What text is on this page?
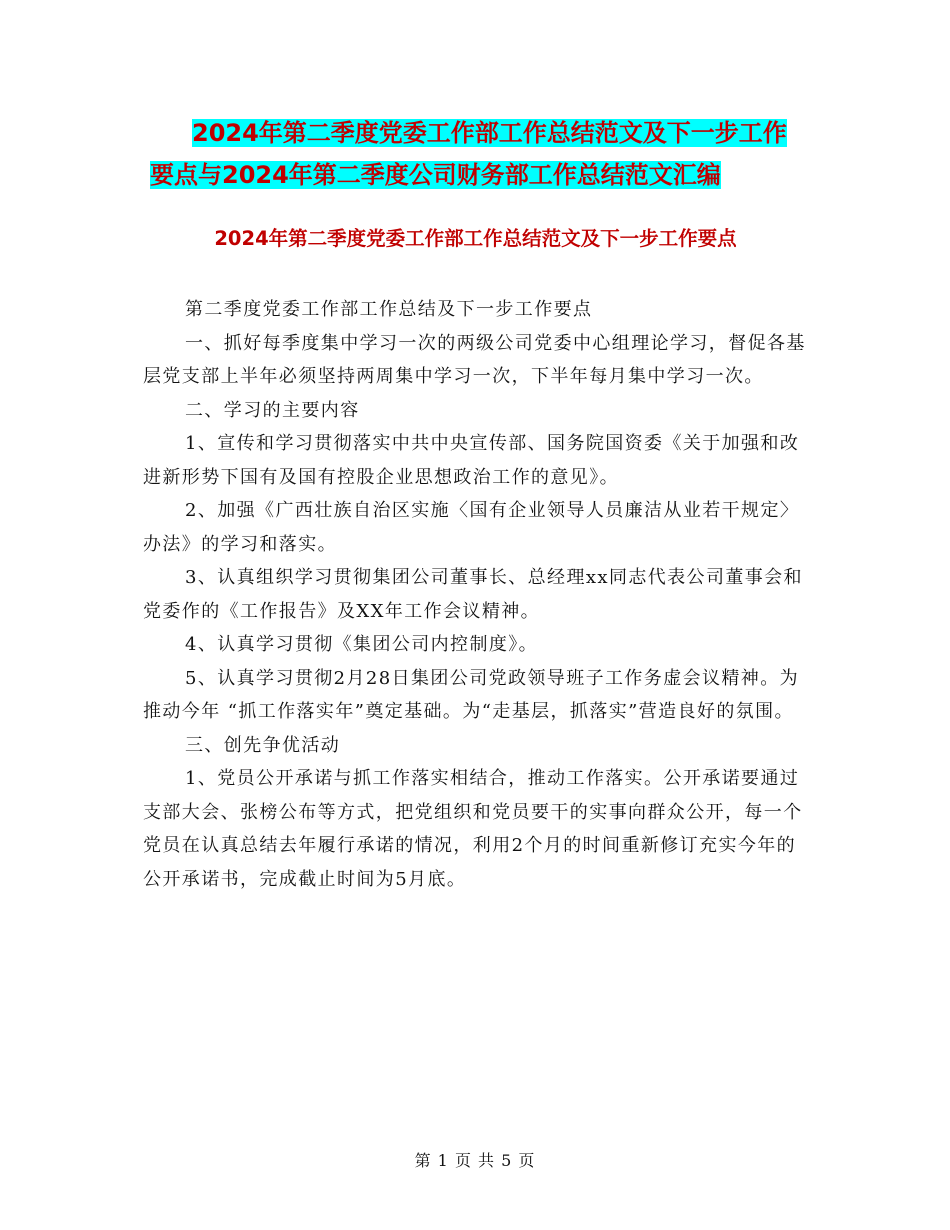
2024年第二季度党委工作部工作总结范文及下一步工作要点与2024年第二季度公司财务部工作总结范文汇编
2024年第二季度党委工作部工作总结范文及下一步工作要点

第二季度党委工作部工作总结及下一步工作要点

一、抓好每季度集中学习一次的两级公司党委中心组理论学习，督促各基层党支部上半年必须坚持两周集中学习一次，下半年每月集中学习一次。

二、学习的主要内容

1、宣传和学习贯彻落实中共中央宣传部、国务院国资委《关于加强和改进新形势下国有及国有控股企业思想政治工作的意见》。

2、加强《广西壮族自治区实施〈国有企业领导人员廉洁从业若干规定〉办法》的学习和落实。

3、认真组织学习贯彻集团公司董事长、总经理xx同志代表公司董事会和党委作的《工作报告》及XX年工作会议精神。

4、认真学习贯彻《集团公司内控制度》。

5、认真学习贯彻2月28日集团公司党政领导班子工作务虚会议精神。为推动今年 “抓工作落实年”奠定基础。为“走基层，抓落实”营造良好的氛围。

三、创先争优活动

1、党员公开承诺与抓工作落实相结合，推动工作落实。公开承诺要通过支部大会、张榜公布等方式，把党组织和党员要干的实事向群众公开，每一个党员在认真总结去年履行承诺的情况，利用2个月的时间重新修订充实今年的公开承诺书，完成截止时间为5月底。

第 1 页 共 5 页
